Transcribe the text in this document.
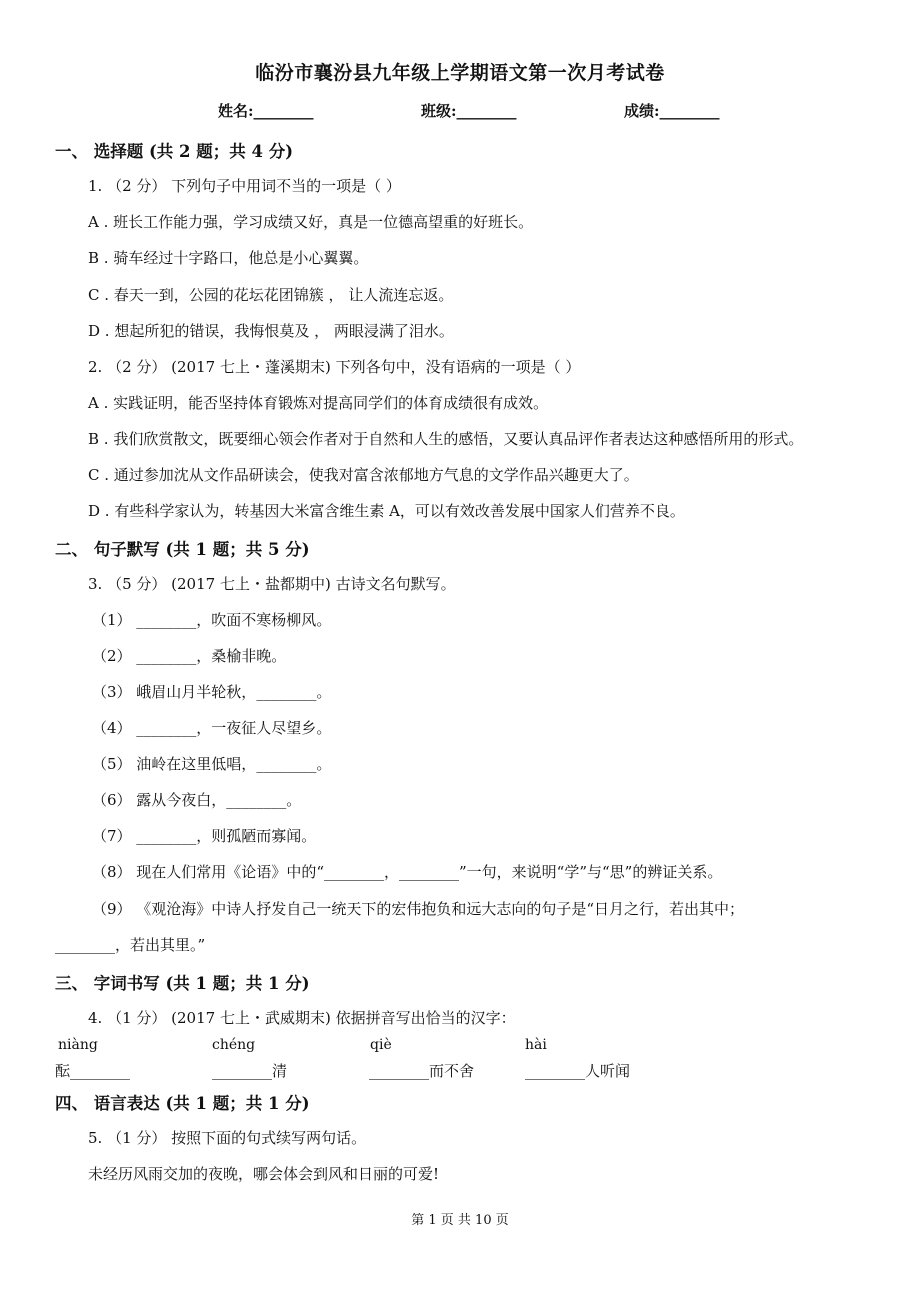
临汾市襄汾县九年级上学期语文第一次月考试卷
姓名:________	班级:________	成绩:________
一、 选择题 (共 2 题；共 4 分)
1. （2 分） 下列句子中用词不当的一项是（ ）
A . 班长工作能力强，学习成绩又好，真是一位德高望重的好班长。
B . 骑车经过十字路口，他总是小心翼翼。
C . 春天一到，公园的花坛花团锦簇 ， 让人流连忘返。
D . 想起所犯的错误，我悔恨莫及 ， 两眼浸满了泪水。
2. （2 分） (2017 七上・蓬溪期末) 下列各句中，没有语病的一项是（ ）
A . 实践证明，能否坚持体育锻炼对提高同学们的体育成绩很有成效。
B . 我们欣赏散文，既要细心领会作者对于自然和人生的感悟，又要认真品评作者表达这种感悟所用的形式。
C . 通过参加沈从文作品研读会，使我对富含浓郁地方气息的文学作品兴趣更大了。
D . 有些科学家认为，转基因大米富含维生素 A，可以有效改善发展中国家人们营养不良。
二、 句子默写 (共 1 题；共 5 分)
3. （5 分） (2017 七上・盐都期中) 古诗文名句默写。
（1） ________，吹面不寒杨柳风。
（2） ________，桑榆非晚。
（3） 峨眉山月半轮秋，________。
（4） ________，一夜征人尽望乡。
（5） 油岭在这里低唱，________。
（6） 露从今夜白，________。
（7） ________，则孤陋而寡闻。
（8） 现在人们常用《论语》中的“________，________”一句，来说明“学”与“思”的辨证关系。
（9） 《观沧海》中诗人抒发自己一统天下的宏伟抱负和远大志向的句子是“日月之行，若出其中；
________，若出其里。”
三、 字词书写 (共 1 题；共 1 分)
4. （1 分） (2017 七上・武威期末) 依据拼音写出恰当的汉字：
niàng	chéng	qiè	hài
酝________	________清	________而不舍	________人听闻
四、 语言表达 (共 1 题；共 1 分)
5. （1 分） 按照下面的句式续写两句话。
未经历风雨交加的夜晚，哪会体会到风和日丽的可爱!
第 1 页 共 10 页
